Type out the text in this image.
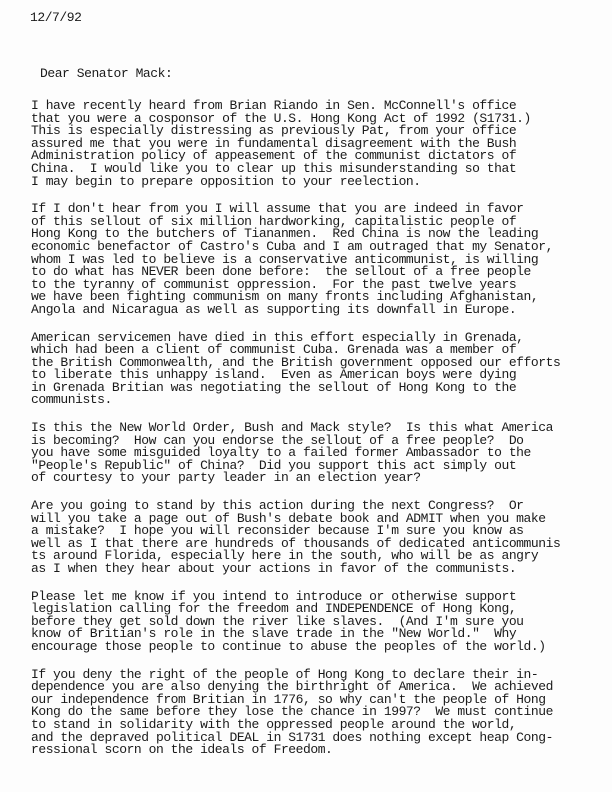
12/7/92
Dear Senator Mack:
I have recently heard from Brian Riando in Sen. McConnell's office
that you were a cosponsor of the U.S. Hong Kong Act of 1992 (S1731.)
This is especially distressing as previously Pat, from your office
assured me that you were in fundamental disagreement with the Bush
Administration policy of appeasement of the communist dictators of
China.  I would like you to clear up this misunderstanding so that
I may begin to prepare opposition to your reelection.
If I don't hear from you I will assume that you are indeed in favor
of this sellout of six million hardworking, capitalistic people of
Hong Kong to the butchers of Tiananmen.  Red China is now the leading
economic benefactor of Castro's Cuba and I am outraged that my Senator,
whom I was led to believe is a conservative anticommunist, is willing
to do what has NEVER been done before:  the sellout of a free people
to the tyranny of communist oppression.  For the past twelve years
we have been fighting communism on many fronts including Afghanistan,
Angola and Nicaragua as well as supporting its downfall in Europe.
American servicemen have died in this effort especially in Grenada,
which had been a client of communist Cuba. Grenada was a member of
the British Commonwealth, and the British government opposed our efforts
to liberate this unhappy island.  Even as American boys were dying
in Grenada Britian was negotiating the sellout of Hong Kong to the
communists.
Is this the New World Order, Bush and Mack style?  Is this what America
is becoming?  How can you endorse the sellout of a free people?  Do
you have some misguided loyalty to a failed former Ambassador to the
"People's Republic" of China?  Did you support this act simply out
of courtesy to your party leader in an election year?
Are you going to stand by this action during the next Congress?  Or
will you take a page out of Bush's debate book and ADMIT when you make
a mistake?  I hope you will reconsider because I'm sure you know as
well as I that there are hundreds of thousands of dedicated anticommunis
ts around Florida, especially here in the south, who will be as angry
as I when they hear about your actions in favor of the communists.
Please let me know if you intend to introduce or otherwise support
legislation calling for the freedom and INDEPENDENCE of Hong Kong,
before they get sold down the river like slaves.  (And I'm sure you
know of Britian's role in the slave trade in the "New World."  Why
encourage those people to continue to abuse the peoples of the world.)
If you deny the right of the people of Hong Kong to declare their in-
dependence you are also denying the birthright of America.  We achieved
our independence from Britian in 1776, so why can't the people of Hong
Kong do the same before they lose the chance in 1997?  We must continue
to stand in solidarity with the oppressed people around the world,
and the depraved political DEAL in S1731 does nothing except heap Cong-
ressional scorn on the ideals of Freedom.
